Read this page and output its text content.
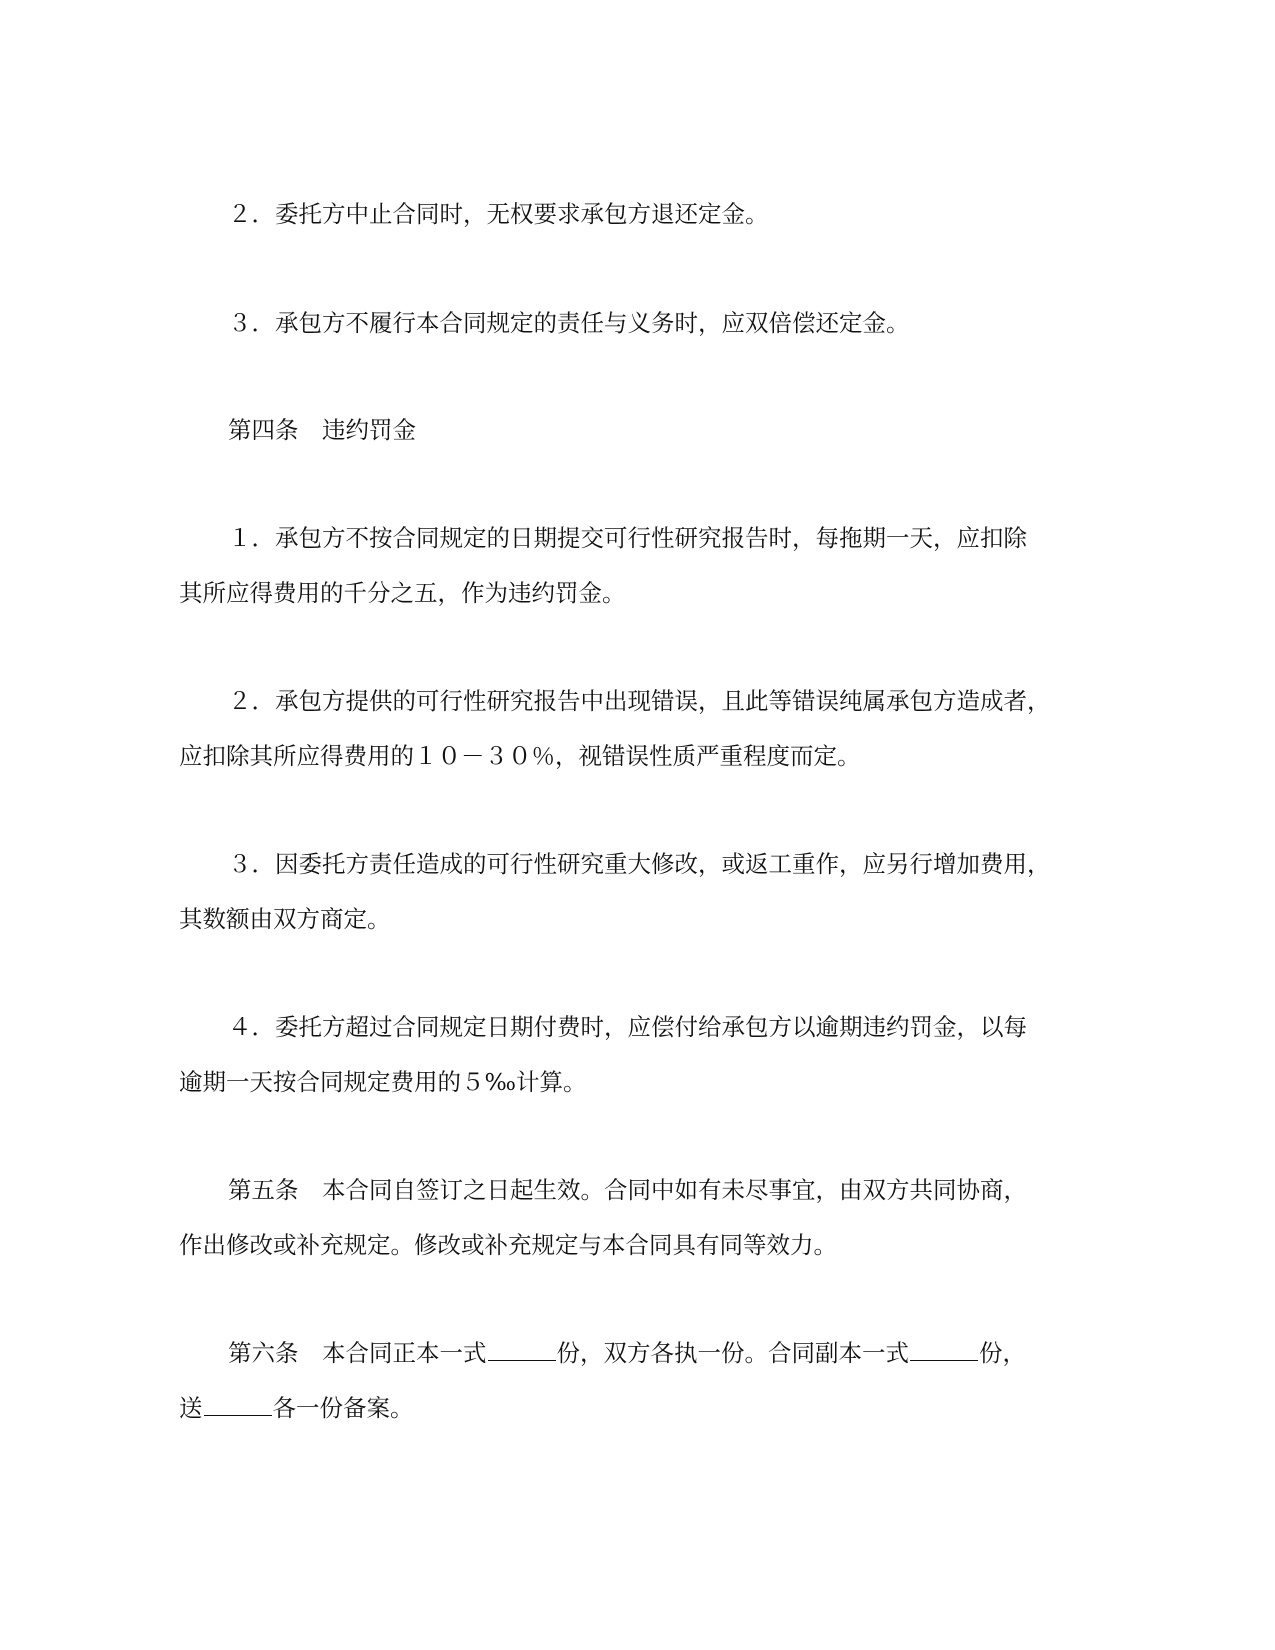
２．委托方中止合同时，无权要求承包方退还定金。
３．承包方不履行本合同规定的责任与义务时，应双倍偿还定金。
第四条　违约罚金
１．承包方不按合同规定的日期提交可行性研究报告时，每拖期一天，应扣除
其所应得费用的千分之五，作为违约罚金。
２．承包方提供的可行性研究报告中出现错误，且此等错误纯属承包方造成者，
应扣除其所应得费用的１０－３０％，视错误性质严重程度而定。
３．因委托方责任造成的可行性研究重大修改，或返工重作，应另行增加费用，
其数额由双方商定。
４．委托方超过合同规定日期付费时，应偿付给承包方以逾期违约罚金，以每
逾期一天按合同规定费用的５‰计算。
第五条　本合同自签订之日起生效。合同中如有未尽事宜，由双方共同协商，
作出修改或补充规定。修改或补充规定与本合同具有同等效力。
第六条　本合同正本一式	份，双方各执一份。合同副本一式	份，
送	各一份备案。
